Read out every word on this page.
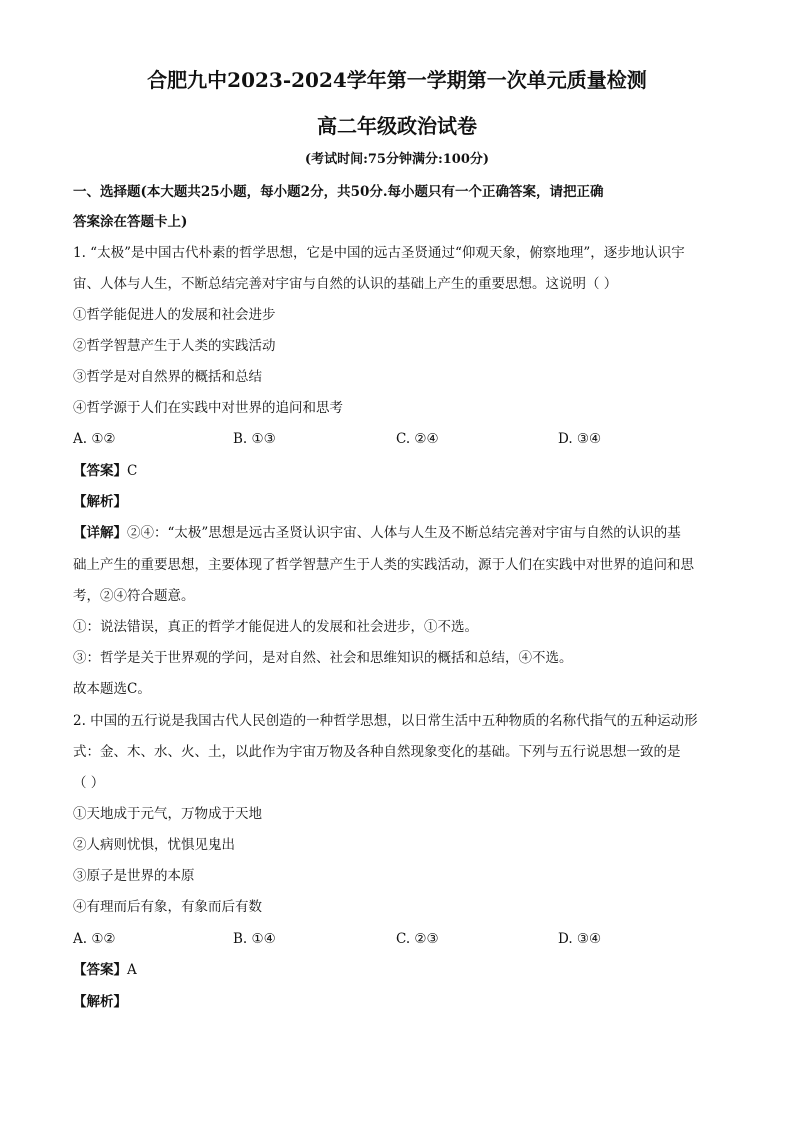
合肥九中2023-2024学年第一学期第一次单元质量检测
高二年级政治试卷
(考试时间:75分钟满分:100分)
一、选择题(本大题共25小题，每小题2分，共50分.每小题只有一个正确答案，请把正确
答案涂在答题卡上)
1. “太极”是中国古代朴素的哲学思想，它是中国的远古圣贤通过“仰观天象，俯察地理”，逐步地认识宇
宙、人体与人生，不断总结完善对宇宙与自然的认识的基础上产生的重要思想。这说明（ ）
①哲学能促进人的发展和社会进步
②哲学智慧产生于人类的实践活动
③哲学是对自然界的概括和总结
④哲学源于人们在实践中对世界的追问和思考
A. ①②	B. ①③	C. ②④	D. ③④
【答案】C
【解析】
【详解】②④：“太极”思想是远古圣贤认识宇宙、人体与人生及不断总结完善对宇宙与自然的认识的基
础上产生的重要思想，主要体现了哲学智慧产生于人类的实践活动，源于人们在实践中对世界的追问和思
考，②④符合题意。
①：说法错误，真正的哲学才能促进人的发展和社会进步，①不选。
③：哲学是关于世界观的学问，是对自然、社会和思维知识的概括和总结，④不选。
故本题选C。
2. 中国的五行说是我国古代人民创造的一种哲学思想，以日常生活中五种物质的名称代指气的五种运动形
式：金、木、水、火、土，以此作为宇宙万物及各种自然现象变化的基础。下列与五行说思想一致的是
（ ）
①天地成于元气，万物成于天地
②人病则忧惧，忧惧见鬼出
③原子是世界的本原
④有理而后有象，有象而后有数
A. ①②	B. ①④	C. ②③	D. ③④
【答案】A
【解析】
